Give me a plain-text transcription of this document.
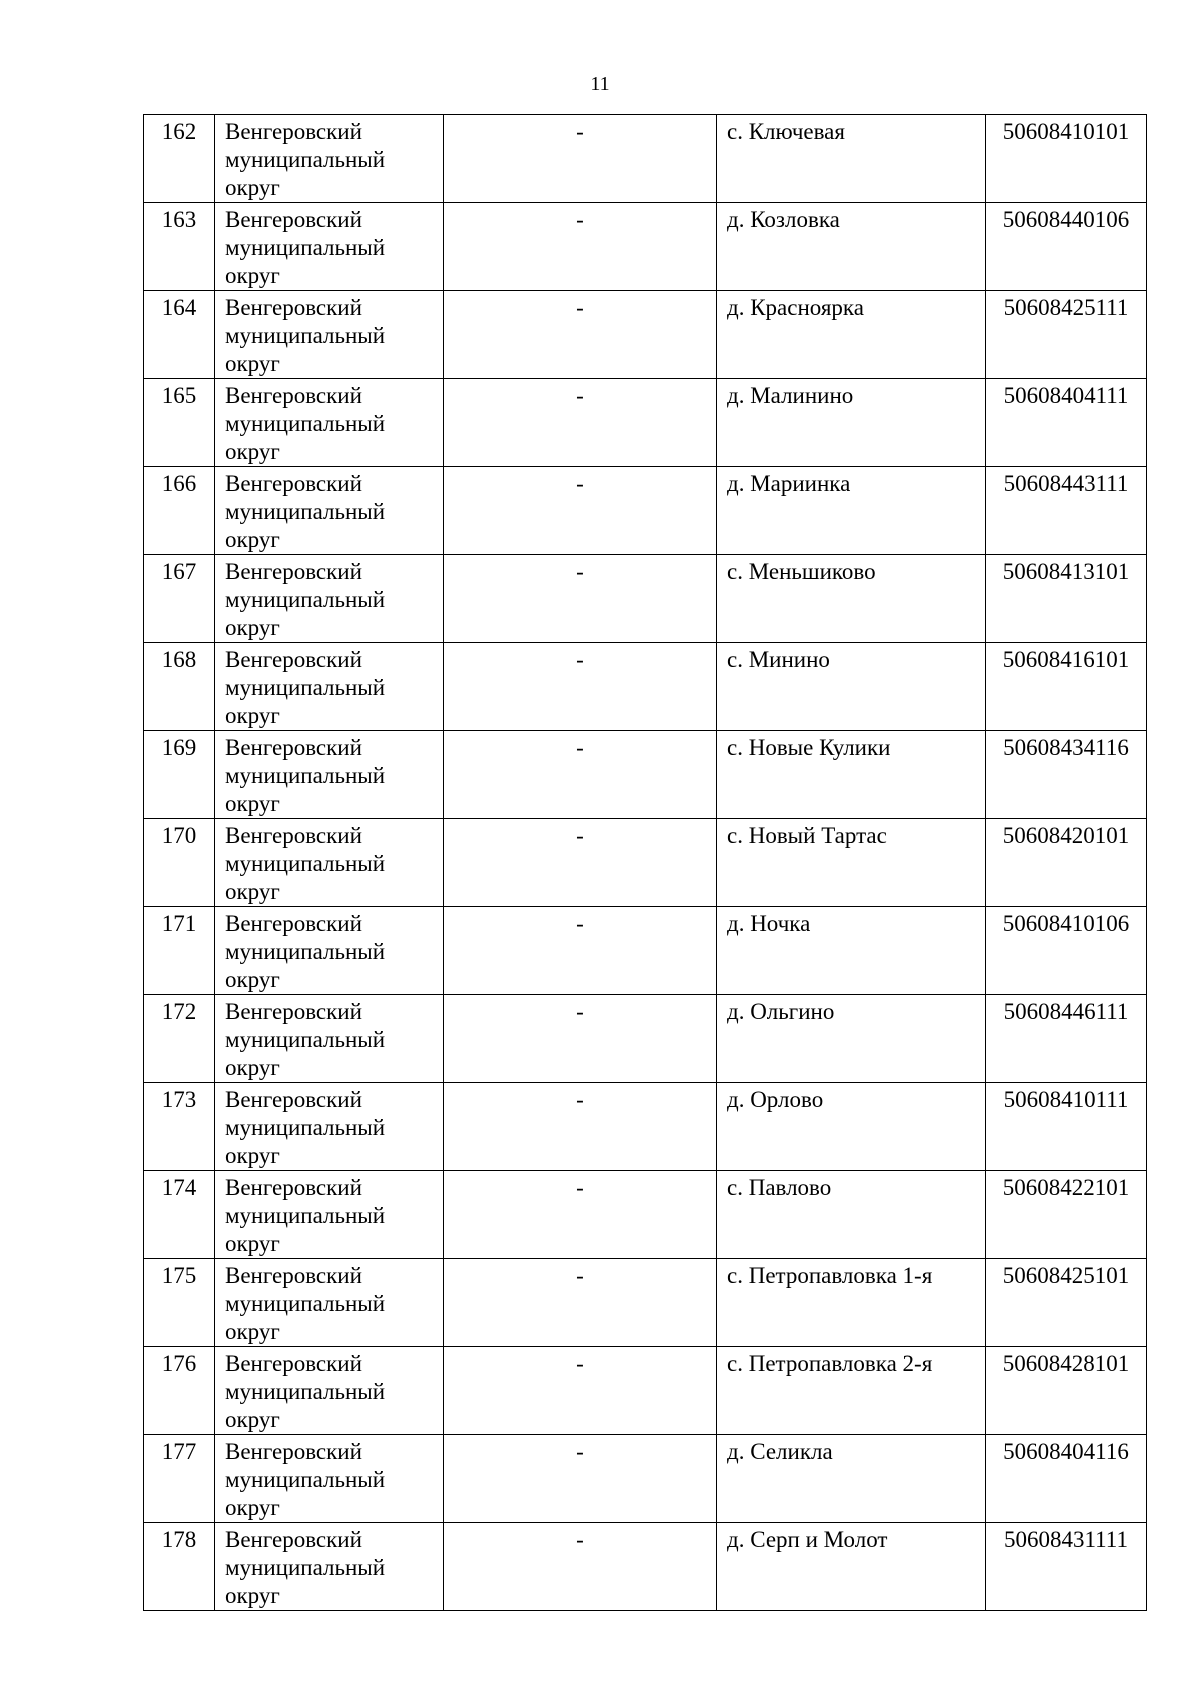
11
162	Венгеровский муниципальный округ	-	с. Ключевая	50608410101
163	Венгеровский муниципальный округ	-	д. Козловка	50608440106
164	Венгеровский муниципальный округ	-	д. Красноярка	50608425111
165	Венгеровский муниципальный округ	-	д. Малинино	50608404111
166	Венгеровский муниципальный округ	-	д. Мариинка	50608443111
167	Венгеровский муниципальный округ	-	с. Меньшиково	50608413101
168	Венгеровский муниципальный округ	-	с. Минино	50608416101
169	Венгеровский муниципальный округ	-	с. Новые Кулики	50608434116
170	Венгеровский муниципальный округ	-	с. Новый Тартас	50608420101
171	Венгеровский муниципальный округ	-	д. Ночка	50608410106
172	Венгеровский муниципальный округ	-	д. Ольгино	50608446111
173	Венгеровский муниципальный округ	-	д. Орлово	50608410111
174	Венгеровский муниципальный округ	-	с. Павлово	50608422101
175	Венгеровский муниципальный округ	-	с. Петропавловка 1-я	50608425101
176	Венгеровский муниципальный округ	-	с. Петропавловка 2-я	50608428101
177	Венгеровский муниципальный округ	-	д. Селикла	50608404116
178	Венгеровский муниципальный округ	-	д. Серп и Молот	50608431111
